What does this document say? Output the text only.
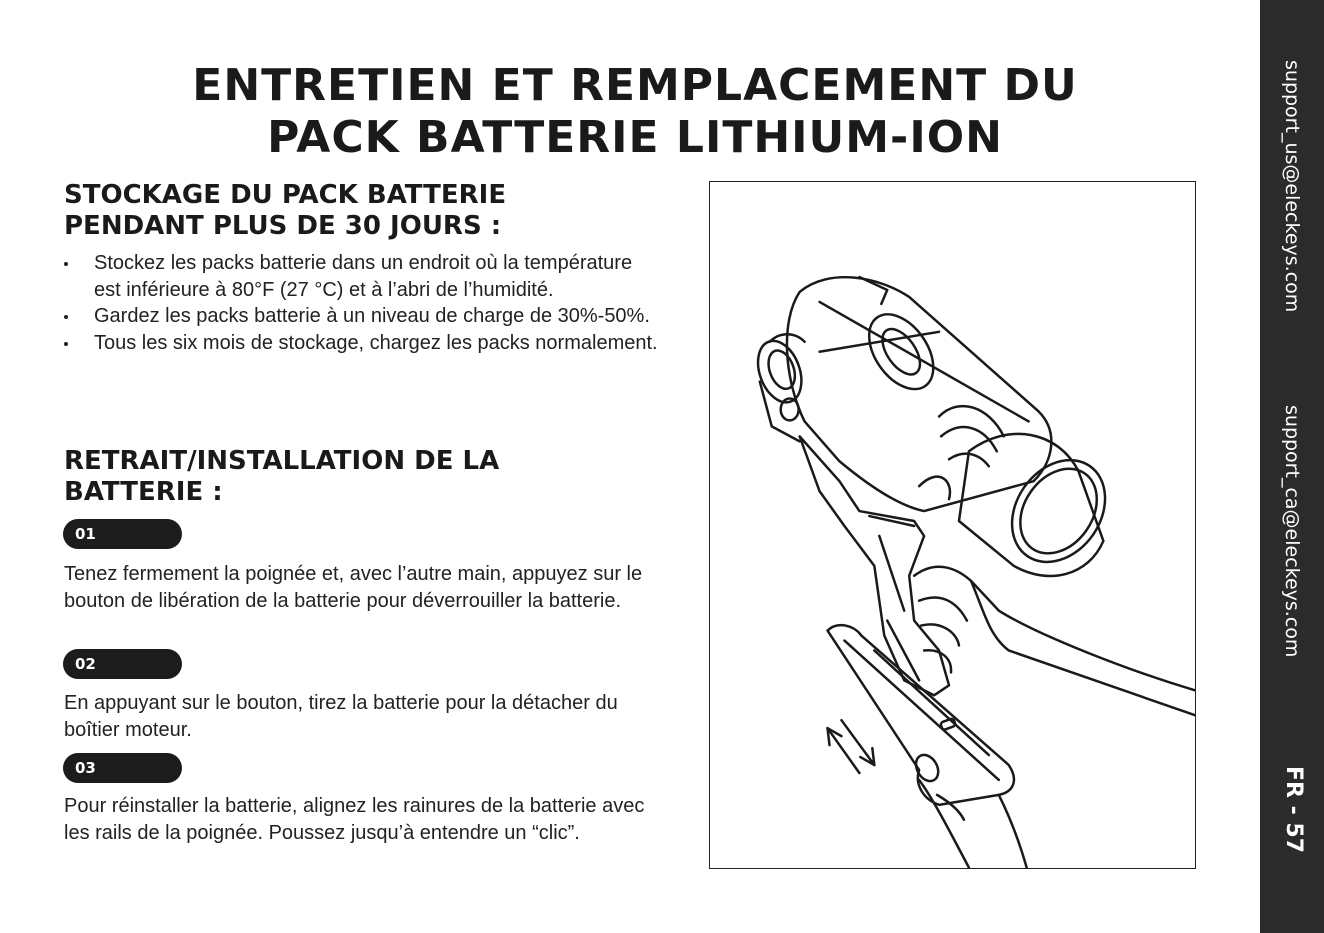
ENTRETIEN ET REMPLACEMENT DU
PACK BATTERIE LITHIUM-ION
STOCKAGE DU PACK BATTERIE
PENDANT PLUS DE 30 JOURS :
Stockez les packs batterie dans un endroit où la température est inférieure à 80°F (27 °C) et à l’abri de l’humidité.
Gardez les packs batterie à un niveau de charge de 30%-50%.
Tous les six mois de stockage, chargez les packs normalement.
RETRAIT/INSTALLATION DE LA
BATTERIE :
01

Tenez fermement la poignée et, avec l’autre main, appuyez sur le bouton de libération de la batterie pour déverrouiller la batterie.

02

En appuyant sur le bouton, tirez la batterie pour la détacher du boîtier moteur.

03

Pour réinstaller la batterie, alignez les rainures de la batterie avec les rails de la poignée. Poussez jusqu’à entendre un “clic”.

support_us@eleckeys.com
support_ca@eleckeys.com
FR - 57
